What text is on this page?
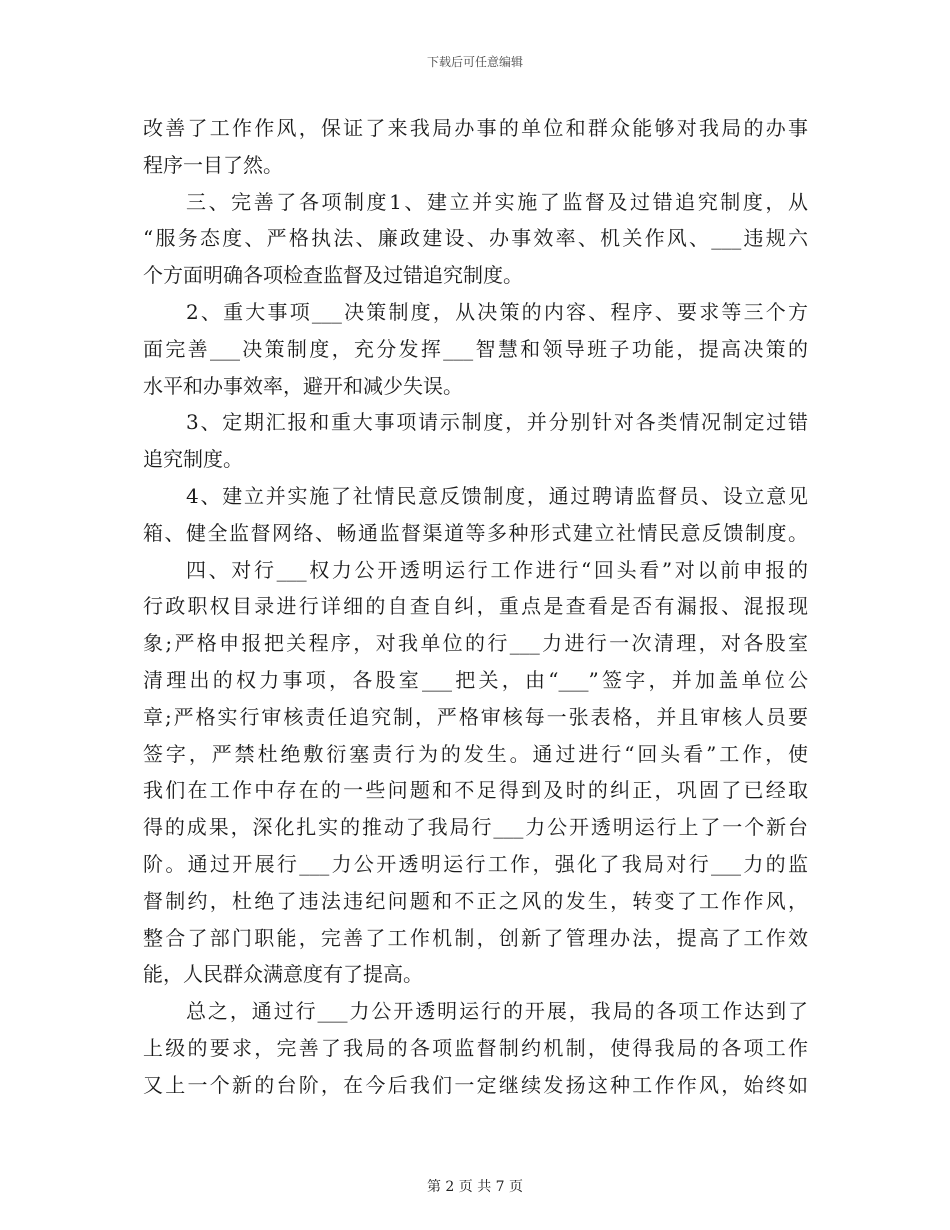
下载后可任意编辑
改善了工作作风，保证了来我局办事的单位和群众能够对我局的办事
程序一目了然。
三、完善了各项制度1、建立并实施了监督及过错追究制度，从
“服务态度、严格执法、廉政建设、办事效率、机关作风、___违规六
个方面明确各项检查监督及过错追究制度。
2、重大事项___决策制度，从决策的内容、程序、要求等三个方
面完善___决策制度，充分发挥___智慧和领导班子功能，提高决策的
水平和办事效率，避开和减少失误。
3、定期汇报和重大事项请示制度，并分别针对各类情况制定过错
追究制度。
4、建立并实施了社情民意反馈制度，通过聘请监督员、设立意见
箱、健全监督网络、畅通监督渠道等多种形式建立社情民意反馈制度。
四、对行___权力公开透明运行工作进行“回头看”对以前申报的
行政职权目录进行详细的自查自纠，重点是查看是否有漏报、混报现
象;严格申报把关程序，对我单位的行___力进行一次清理，对各股室
清理出的权力事项，各股室___把关，由“___”签字，并加盖单位公
章;严格实行审核责任追究制，严格审核每一张表格，并且审核人员要
签字，严禁杜绝敷衍塞责行为的发生。通过进行“回头看”工作，使
我们在工作中存在的一些问题和不足得到及时的纠正，巩固了已经取
得的成果，深化扎实的推动了我局行___力公开透明运行上了一个新台
阶。通过开展行___力公开透明运行工作，强化了我局对行___力的监
督制约，杜绝了违法违纪问题和不正之风的发生，转变了工作作风，
整合了部门职能，完善了工作机制，创新了管理办法，提高了工作效
能，人民群众满意度有了提高。
总之，通过行___力公开透明运行的开展，我局的各项工作达到了
上级的要求，完善了我局的各项监督制约机制，使得我局的各项工作
又上一个新的台阶，在今后我们一定继续发扬这种工作作风，始终如
第 2 页 共 7 页
